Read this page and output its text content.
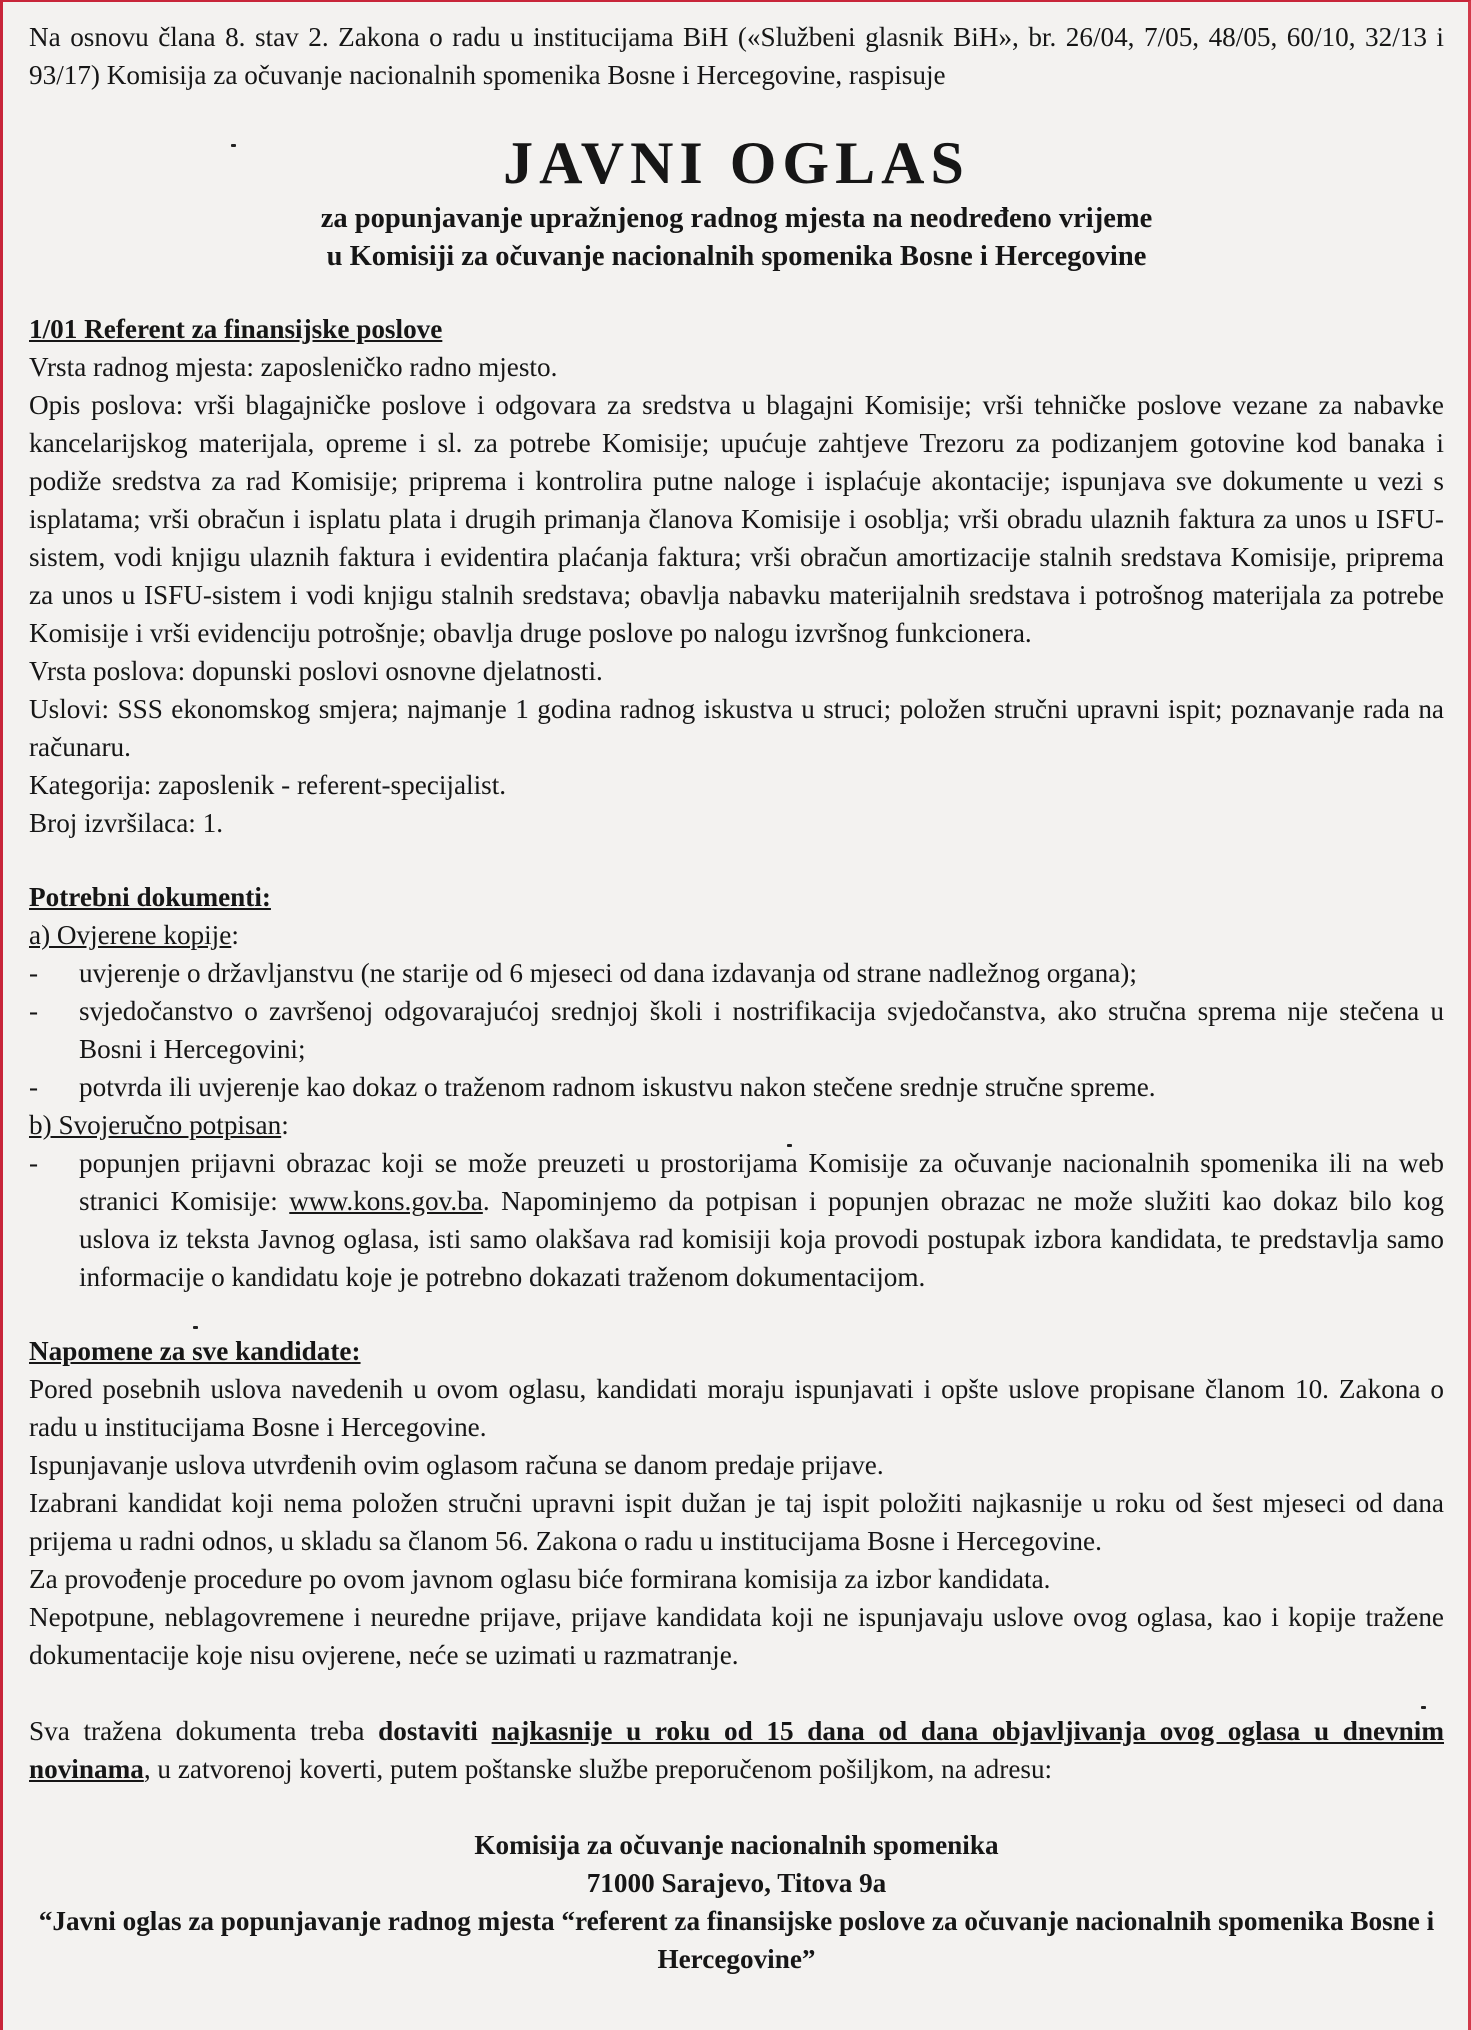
Na osnovu člana 8. stav 2. Zakona o radu u institucijama BiH («Službeni glasnik BiH», br. 26/04, 7/05, 48/05, 60/10, 32/13 i 93/17) Komisija za očuvanje nacionalnih spomenika Bosne i Hercegovine, raspisuje

JAVNI OGLAS

za popunjavanje upražnjenog radnog mjesta na neodređeno vrijeme

u Komisiji za očuvanje nacionalnih spomenika Bosne i Hercegovine

1/01 Referent za finansijske poslove

Vrsta radnog mjesta: zaposleničko radno mjesto.

Opis poslova: vrši blagajničke poslove i odgovara za sredstva u blagajni Komisije; vrši tehničke poslove vezane za nabavke kancelarijskog materijala, opreme i sl. za potrebe Komisije; upućuje zahtjeve Trezoru za podizanjem gotovine kod banaka i podiže sredstva za rad Komisije; priprema i kontrolira putne naloge i isplaćuje akontacije; ispunjava sve dokumente u vezi s isplatama; vrši obračun i isplatu plata i drugih primanja članova Komisije i osoblja; vrši obradu ulaznih faktura za unos u ISFU-sistem, vodi knjigu ulaznih faktura i evidentira plaćanja faktura; vrši obračun amortizacije stalnih sredstava Komisije, priprema za unos u ISFU-sistem i vodi knjigu stalnih sredstava; obavlja nabavku materijalnih sredstava i potrošnog materijala za potrebe Komisije i vrši evidenciju potrošnje; obavlja druge poslove po nalogu izvršnog funkcionera.

Vrsta poslova: dopunski poslovi osnovne djelatnosti.

Uslovi: SSS ekonomskog smjera; najmanje 1 godina radnog iskustva u struci; položen stručni upravni ispit; poznavanje rada na računaru.

Kategorija: zaposlenik - referent-specijalist.

Broj izvršilaca: 1.

Potrebni dokumenti:

a) Ovjerene kopije:

-	uvjerenje o državljanstvu (ne starije od 6 mjeseci od dana izdavanja od strane nadležnog organa);
-	svjedočanstvo o završenoj odgovarajućoj srednjoj školi i nostrifikacija svjedočanstva, ako stručna sprema nije stečena u Bosni i Hercegovini;
-	potvrda ili uvjerenje kao dokaz o traženom radnom iskustvu nakon stečene srednje stručne spreme.

b) Svojeručno potpisan:

-	popunjen prijavni obrazac koji se može preuzeti u prostorijama Komisije za očuvanje nacionalnih spomenika ili na web stranici Komisije: www.kons.gov.ba. Napominjemo da potpisan i popunjen obrazac ne može služiti kao dokaz bilo kog uslova iz teksta Javnog oglasa, isti samo olakšava rad komisiji koja provodi postupak izbora kandidata, te predstavlja samo informacije o kandidatu koje je potrebno dokazati traženom dokumentacijom.

Napomene za sve kandidate:

Pored posebnih uslova navedenih u ovom oglasu, kandidati moraju ispunjavati i opšte uslove propisane članom 10. Zakona o radu u institucijama Bosne i Hercegovine.

Ispunjavanje uslova utvrđenih ovim oglasom računa se danom predaje prijave.

Izabrani kandidat koji nema položen stručni upravni ispit dužan je taj ispit položiti najkasnije u roku od šest mjeseci od dana prijema u radni odnos, u skladu sa članom 56. Zakona o radu u institucijama Bosne i Hercegovine.

Za provođenje procedure po ovom javnom oglasu biće formirana komisija za izbor kandidata.

Nepotpune, neblagovremene i neuredne prijave, prijave kandidata koji ne ispunjavaju uslove ovog oglasa, kao i kopije tražene dokumentacije koje nisu ovjerene, neće se uzimati u razmatranje.

Sva tražena dokumenta treba dostaviti najkasnije u roku od 15 dana od dana objavljivanja ovog oglasa u dnevnim novinama, u zatvorenoj koverti, putem poštanske službe preporučenom pošiljkom, na adresu:

Komisija za očuvanje nacionalnih spomenika

71000 Sarajevo, Titova 9a

“Javni oglas za popunjavanje radnog mjesta “referent za finansijske poslove za očuvanje nacionalnih spomenika Bosne i Hercegovine”
